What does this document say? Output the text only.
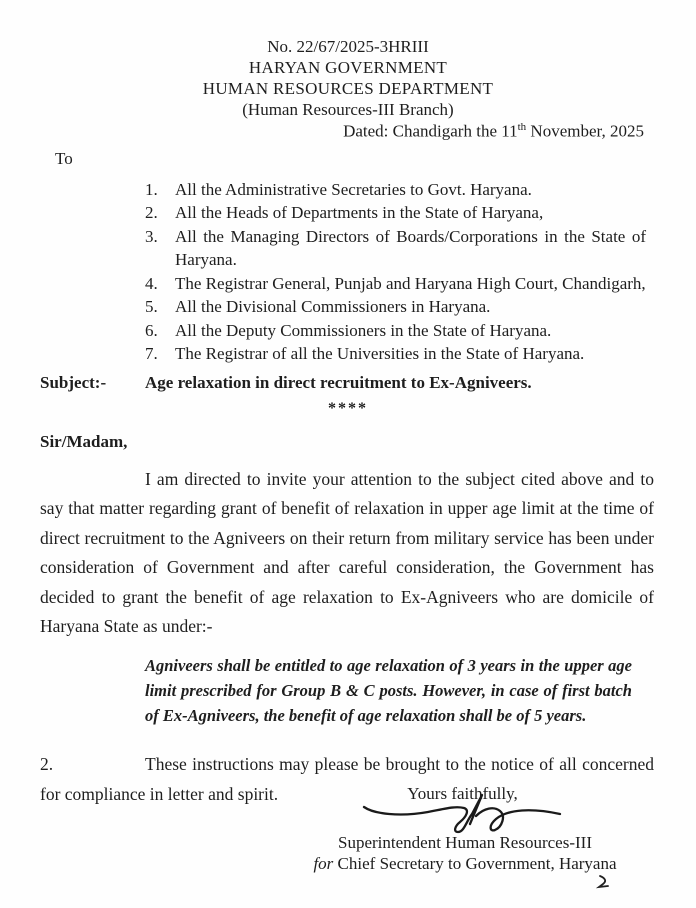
No. 22/67/2025-3HRIII
HARYAN GOVERNMENT
HUMAN RESOURCES DEPARTMENT
(Human Resources-III Branch)
Dated: Chandigarh the 11th November, 2025
To
1.	All the Administrative Secretaries to Govt. Haryana.
2.	All the Heads of Departments in the State of Haryana,
3.	All the Managing Directors of Boards/Corporations in the State of Haryana.
4.	The Registrar General, Punjab and Haryana High Court, Chandigarh,
5.	All the Divisional Commissioners in Haryana.
6.	All the Deputy Commissioners in the State of Haryana.
7.	The Registrar of all the Universities in the State of Haryana.
Subject:-	Age relaxation in direct recruitment to Ex-Agniveers.
****
Sir/Madam,

I am directed to invite your attention to the subject cited above and to say that matter regarding grant of benefit of relaxation in upper age limit at the time of direct recruitment to the Agniveers on their return from military service has been under consideration of Government and after careful consideration, the Government has decided to grant the benefit of age relaxation to Ex-Agniveers who are domicile of Haryana State as under:-

Agniveers shall be entitled to age relaxation of 3 years in the upper age limit prescribed for Group B & C posts. However, in case of first batch of Ex-Agniveers, the benefit of age relaxation shall be of 5 years.

2.	These instructions may please be brought to the notice of all concerned for compliance in letter and spirit.	Yours faithfully,
Superintendent Human Resources-III
for Chief Secretary to Government, Haryana
